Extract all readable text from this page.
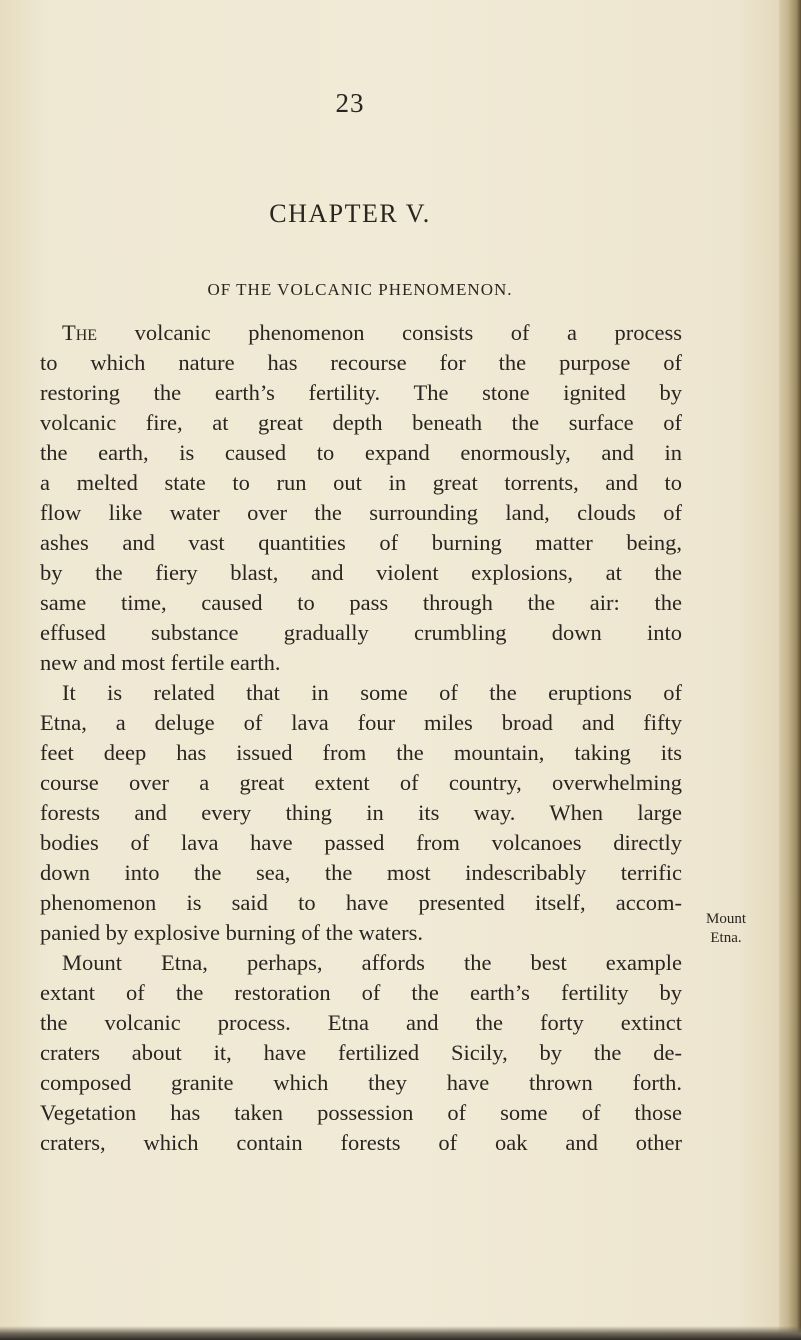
23
CHAPTER V.
OF THE VOLCANIC PHENOMENON.
The volcanic phenomenon consists of a process
to which nature has recourse for the purpose of
restoring the earth’s fertility. The stone ignited by
volcanic fire, at great depth beneath the surface of
the earth, is caused to expand enormously, and in
a melted state to run out in great torrents, and to
flow like water over the surrounding land, clouds of
ashes and vast quantities of burning matter being,
by the fiery blast, and violent explosions, at the
same time, caused to pass through the air: the
effused substance gradually crumbling down into
new and most fertile earth.
It is related that in some of the eruptions of
Etna, a deluge of lava four miles broad and fifty
feet deep has issued from the mountain, taking its
course over a great extent of country, overwhelming
forests and every thing in its way. When large
bodies of lava have passed from volcanoes directly
down into the sea, the most indescribably terrific
phenomenon is said to have presented itself, accom-
panied by explosive burning of the waters.
Mount Etna, perhaps, affords the best example
extant of the restoration of the earth’s fertility by
the volcanic process. Etna and the forty extinct
craters about it, have fertilized Sicily, by the de-
composed granite which they have thrown forth.
Vegetation has taken possession of some of those
craters, which contain forests of oak and other
Mount
Etna.
